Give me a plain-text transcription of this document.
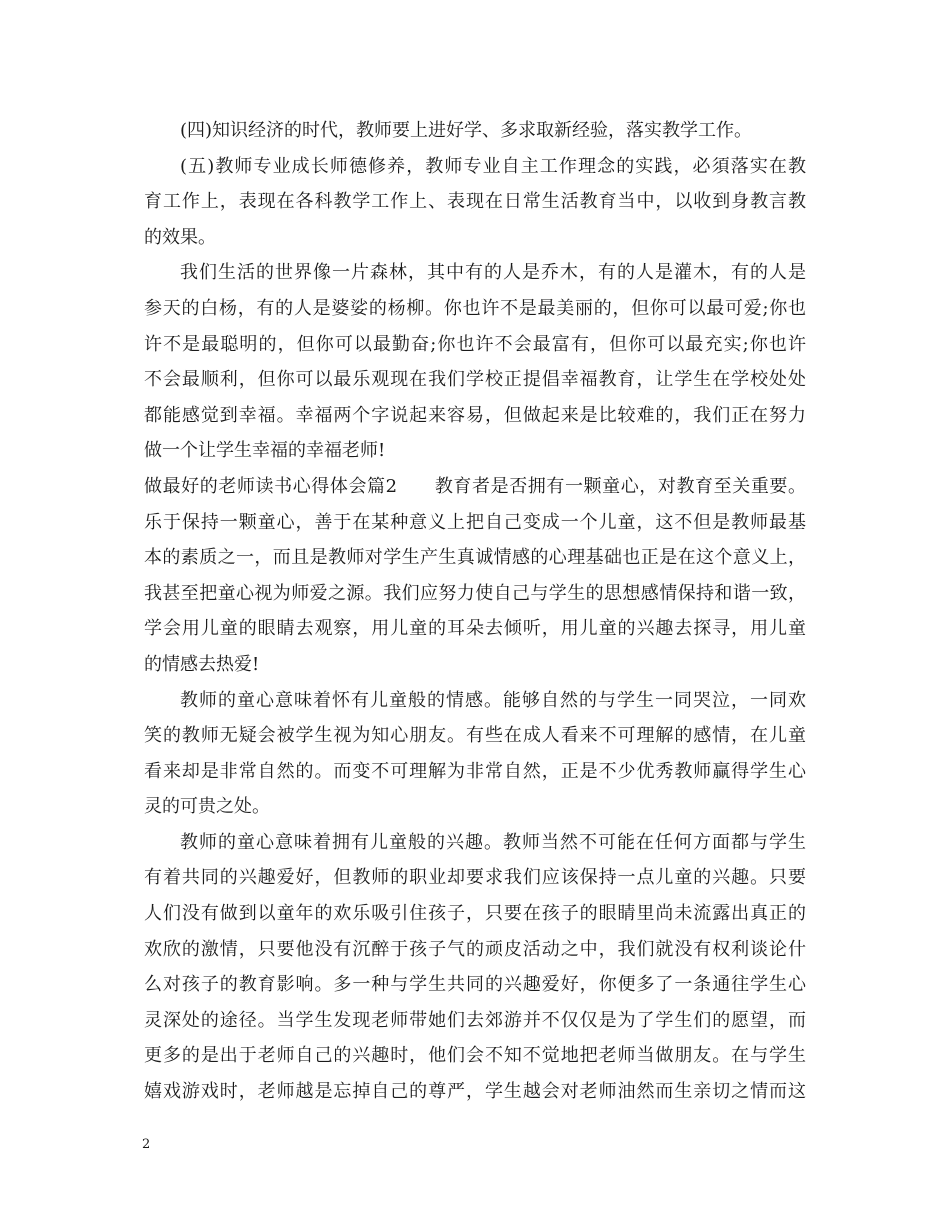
(四)知识经济的时代，教师要上进好学、多求取新经验，落实教学工作。
(五)教师专业成长师德修养，教师专业自主工作理念的实践，必須落实在教
育工作上，表现在各科教学工作上、表现在日常生活教育当中，以收到身教言教
的效果。
我们生活的世界像一片森林，其中有的人是乔木，有的人是灌木，有的人是
参天的白杨，有的人是婆娑的杨柳。你也许不是最美丽的，但你可以最可爱;你也
许不是最聪明的，但你可以最勤奋;你也许不会最富有，但你可以最充实;你也许
不会最顺利，但你可以最乐观现在我们学校正提倡幸福教育，让学生在学校处处
都能感觉到幸福。幸福两个字说起来容易，但做起来是比较难的，我们正在努力
做一个让学生幸福的幸福老师!
做最好的老师读书心得体会篇2　　教育者是否拥有一颗童心，对教育至关重要。
乐于保持一颗童心，善于在某种意义上把自己变成一个儿童，这不但是教师最基
本的素质之一，而且是教师对学生产生真诚情感的心理基础也正是在这个意义上，
我甚至把童心视为师爱之源。我们应努力使自己与学生的思想感情保持和谐一致，
学会用儿童的眼睛去观察，用儿童的耳朵去倾听，用儿童的兴趣去探寻，用儿童
的情感去热爱!
教师的童心意味着怀有儿童般的情感。能够自然的与学生一同哭泣，一同欢
笑的教师无疑会被学生视为知心朋友。有些在成人看来不可理解的感情，在儿童
看来却是非常自然的。而变不可理解为非常自然，正是不少优秀教师赢得学生心
灵的可贵之处。
教师的童心意味着拥有儿童般的兴趣。教师当然不可能在任何方面都与学生
有着共同的兴趣爱好，但教师的职业却要求我们应该保持一点儿童的兴趣。只要
人们没有做到以童年的欢乐吸引住孩子，只要在孩子的眼睛里尚未流露出真正的
欢欣的激情，只要他没有沉醉于孩子气的顽皮活动之中，我们就没有权利谈论什
么对孩子的教育影响。多一种与学生共同的兴趣爱好，你便多了一条通往学生心
灵深处的途径。当学生发现老师带她们去郊游并不仅仅是为了学生们的愿望，而
更多的是出于老师自己的兴趣时，他们会不知不觉地把老师当做朋友。在与学生
嬉戏游戏时，老师越是忘掉自己的尊严，学生越会对老师油然而生亲切之情而这
2
